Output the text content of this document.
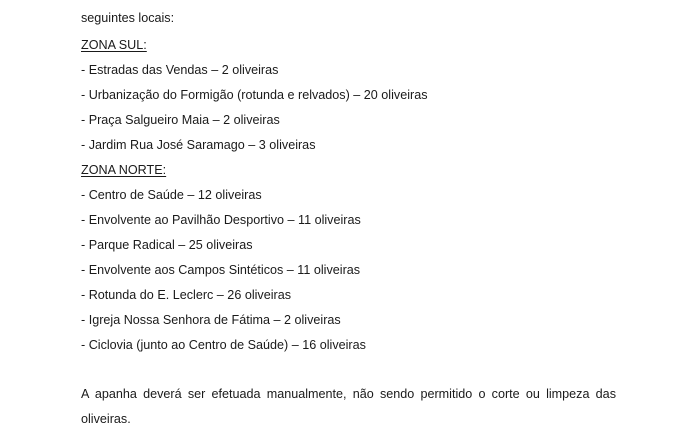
seguintes locais:
ZONA SUL:
- Estradas das Vendas – 2 oliveiras
- Urbanização do Formigão (rotunda e relvados) – 20 oliveiras
- Praça Salgueiro Maia – 2 oliveiras
- Jardim Rua José Saramago – 3 oliveiras
ZONA NORTE:
- Centro de Saúde – 12 oliveiras
- Envolvente ao Pavilhão Desportivo – 11 oliveiras
- Parque Radical – 25 oliveiras
- Envolvente aos Campos Sintéticos – 11 oliveiras
- Rotunda do E. Leclerc – 26 oliveiras
- Igreja Nossa Senhora de Fátima – 2 oliveiras
- Ciclovia (junto ao Centro de Saúde) – 16 oliveiras
A apanha deverá ser efetuada manualmente, não sendo permitido o corte ou limpeza das oliveiras.
